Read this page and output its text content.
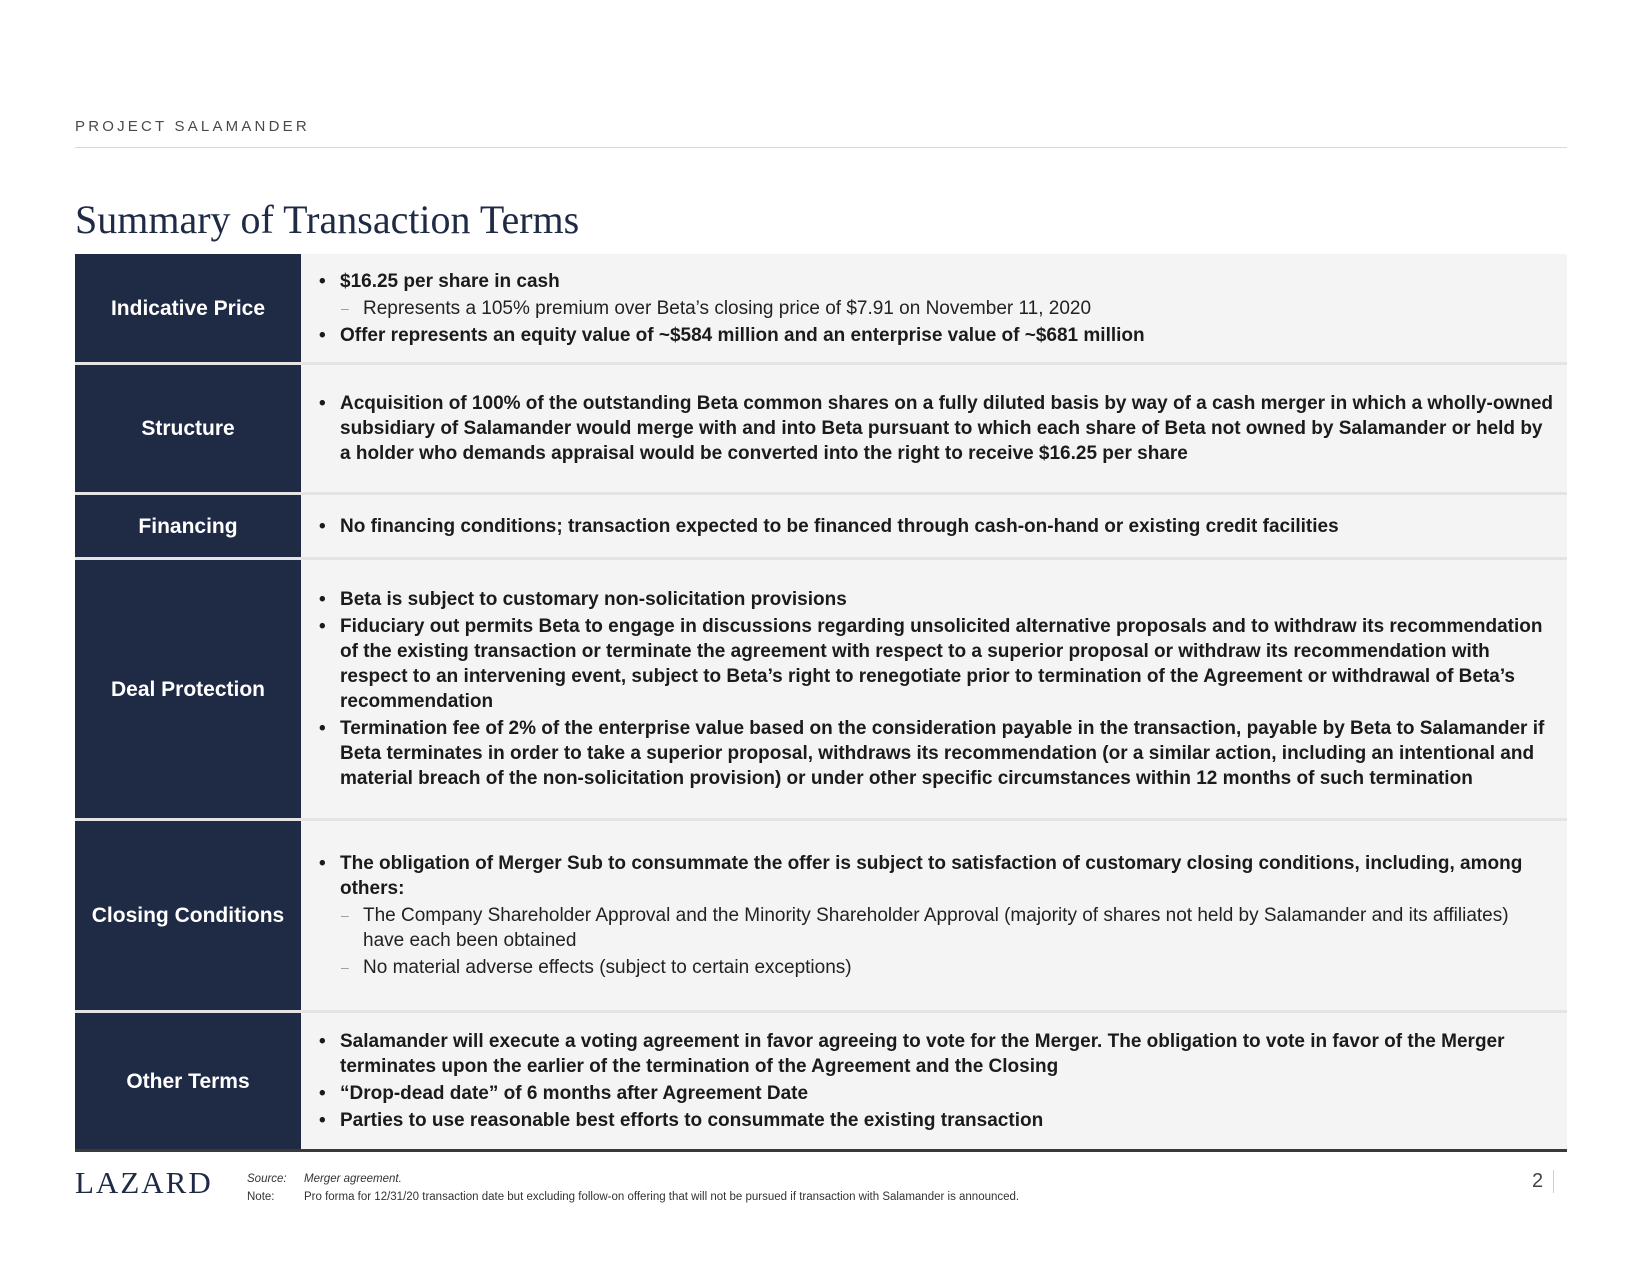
PROJECT SALAMANDER
Summary of Transaction Terms
Indicative Price
• $16.25 per share in cash
– Represents a 105% premium over Beta’s closing price of $7.91 on November 11, 2020
• Offer represents an equity value of ~$584 million and an enterprise value of ~$681 million
Structure
• Acquisition of 100% of the outstanding Beta common shares on a fully diluted basis by way of a cash merger in which a wholly-owned subsidiary of Salamander would merge with and into Beta pursuant to which each share of Beta not owned by Salamander or held by a holder who demands appraisal would be converted into the right to receive $16.25 per share
Financing
•	No financing conditions; transaction expected to be financed through cash-on-hand or existing credit facilities
Deal Protection
• Beta is subject to customary non-solicitation provisions
• Fiduciary out permits Beta to engage in discussions regarding unsolicited alternative proposals and to withdraw its recommendation of the existing transaction or terminate the agreement with respect to a superior proposal or withdraw its recommendation with respect to an intervening event, subject to Beta’s right to renegotiate prior to termination of the Agreement or withdrawal of Beta’s recommendation
• Termination fee of 2% of the enterprise value based on the consideration payable in the transaction, payable by Beta to Salamander if Beta terminates in order to take a superior proposal, withdraws its recommendation (or a similar action, including an intentional and material breach of the non-solicitation provision) or under other specific circumstances within 12 months of such termination
Closing Conditions
• The obligation of Merger Sub to consummate the offer is subject to satisfaction of customary closing conditions, including, among others:
– The Company Shareholder Approval and the Minority Shareholder Approval (majority of shares not held by Salamander and its affiliates) have each been obtained
– No material adverse effects (subject to certain exceptions)
Other Terms
• Salamander will execute a voting agreement in favor agreeing to vote for the Merger. The obligation to vote in favor of the Merger terminates upon the earlier of the termination of the Agreement and the Closing
• “Drop-dead date” of 6 months after Agreement Date
• Parties to use reasonable best efforts to consummate the existing transaction
LAZARD	Source:	Merger agreement.
Note:	Pro forma for 12/31/20 transaction date but excluding follow-on offering that will not be pursued if transaction with Salamander is announced.
2
